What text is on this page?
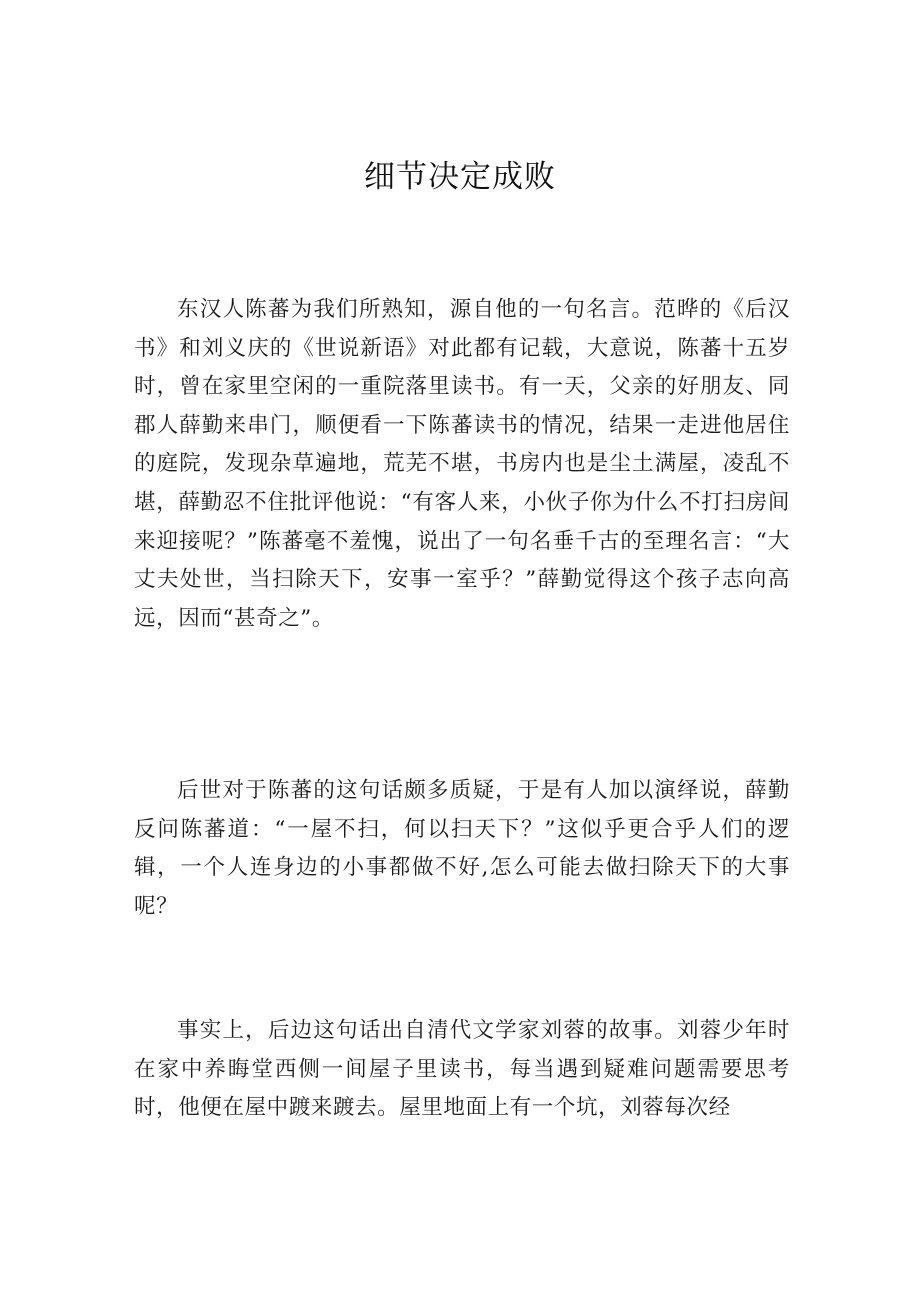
细节决定成败

东汉人陈蕃为我们所熟知，源自他的一句名言。范晔的《后汉书》和刘义庆的《世说新语》对此都有记载，大意说，陈蕃十五岁时，曾在家里空闲的一重院落里读书。有一天，父亲的好朋友、同郡人薛勤来串门，顺便看一下陈蕃读书的情况，结果一走进他居住的庭院，发现杂草遍地，荒芜不堪，书房内也是尘土满屋，凌乱不堪，薛勤忍不住批评他说：“有客人来，小伙子你为什么不打扫房间来迎接呢？”陈蕃毫不羞愧，说出了一句名垂千古的至理名言：“大丈夫处世，当扫除天下，安事一室乎？”薛勤觉得这个孩子志向高远，因而“甚奇之”。

后世对于陈蕃的这句话颇多质疑，于是有人加以演绎说，薛勤反问陈蕃道：“一屋不扫，何以扫天下？”这似乎更合乎人们的逻辑，一个人连身边的小事都做不好,怎么可能去做扫除天下的大事呢？

事实上，后边这句话出自清代文学家刘蓉的故事。刘蓉少年时在家中养晦堂西侧一间屋子里读书，每当遇到疑难问题需要思考时，他便在屋中踱来踱去。屋里地面上有一个坑，刘蓉每次经
